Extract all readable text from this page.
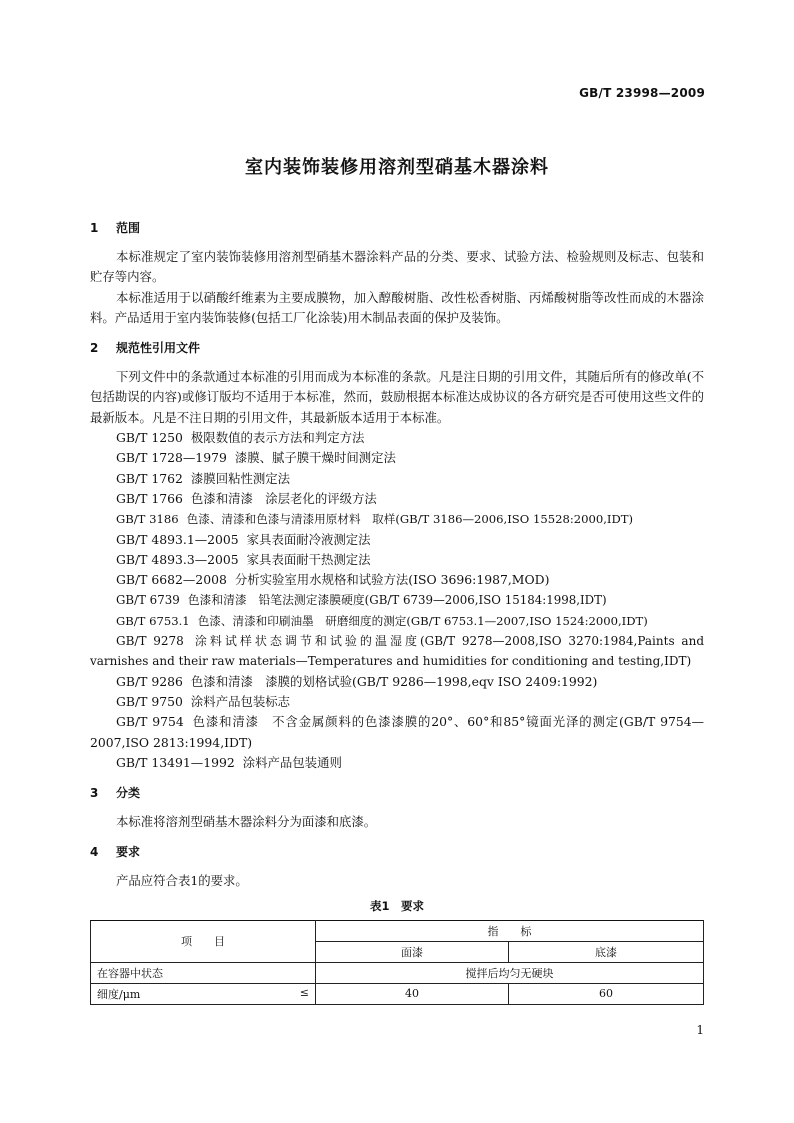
GB/T 23998—2009
室内装饰装修用溶剂型硝基木器涂料
1 范围

本标准规定了室内装饰装修用溶剂型硝基木器涂料产品的分类、要求、试验方法、检验规则及标志、包装和贮存等内容。

本标准适用于以硝酸纤维素为主要成膜物，加入醇酸树脂、改性松香树脂、丙烯酸树脂等改性而成的木器涂料。产品适用于室内装饰装修(包括工厂化涂装)用木制品表面的保护及装饰。

2 规范性引用文件

下列文件中的条款通过本标准的引用而成为本标准的条款。凡是注日期的引用文件，其随后所有的修改单(不包括勘误的内容)或修订版均不适用于本标准，然而，鼓励根据本标准达成协议的各方研究是否可使用这些文件的最新版本。凡是不注日期的引用文件，其最新版本适用于本标准。

GB/T 1250 极限数值的表示方法和判定方法

GB/T 1728—1979 漆膜、腻子膜干燥时间测定法

GB/T 1762 漆膜回粘性测定法

GB/T 1766 色漆和清漆　涂层老化的评级方法

GB/T 3186 色漆、清漆和色漆与清漆用原材料　取样(GB/T 3186—2006,ISO 15528:2000,IDT)

GB/T 4893.1—2005 家具表面耐冷液测定法

GB/T 4893.3—2005 家具表面耐干热测定法

GB/T 6682—2008 分析实验室用水规格和试验方法(ISO 3696:1987,MOD)

GB/T 6739 色漆和清漆　铅笔法测定漆膜硬度(GB/T 6739—2006,ISO 15184:1998,IDT)

GB/T 6753.1 色漆、清漆和印刷油墨　研磨细度的测定(GB/T 6753.1—2007,ISO 1524:2000,IDT)

GB/T 9278 涂料试样状态调节和试验的温湿度(GB/T 9278—2008,ISO 3270:1984,Paints and varnishes and their raw materials—Temperatures and humidities for conditioning and testing,IDT)

GB/T 9286 色漆和清漆　漆膜的划格试验(GB/T 9286—1998,eqv ISO 2409:1992)

GB/T 9750 涂料产品包装标志

GB/T 9754 色漆和清漆　不含金属颜料的色漆漆膜的20°、60°和85°镜面光泽的测定(GB/T 9754—2007,ISO 2813:1994,IDT)

GB/T 13491—1992 涂料产品包装通则

3 分类

本标准将溶剂型硝基木器涂料分为面漆和底漆。

4 要求

产品应符合表1的要求。

表1　要求
项　　目	指　　标	
	面漆	底漆
在容器中状态	搅拌后均匀无硬块	
细度/μm ≤	40	60
1
